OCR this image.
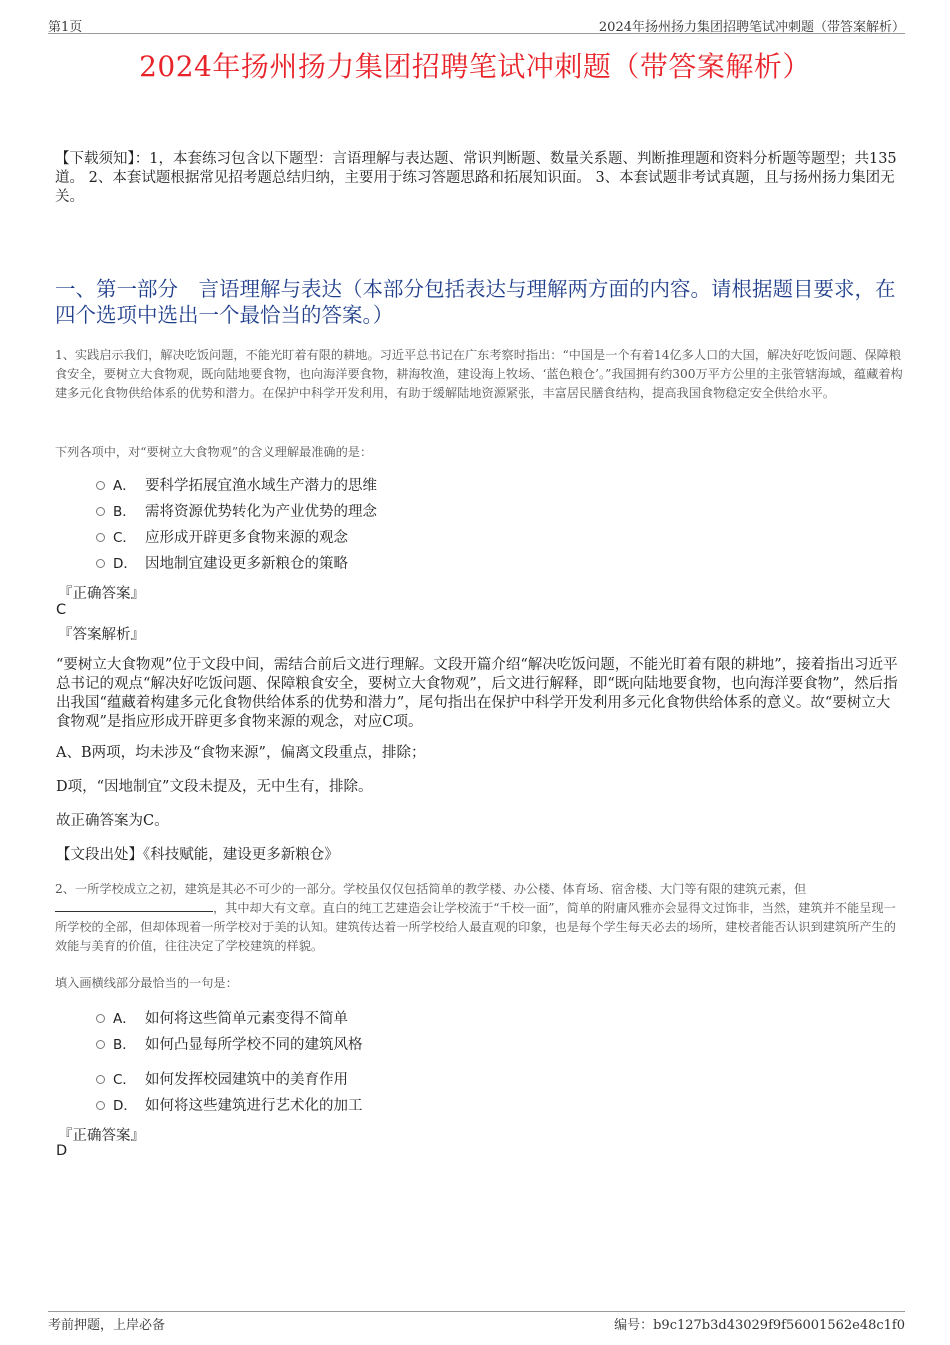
第1页	2024年扬州扬力集团招聘笔试冲刺题（带答案解析）
2024年扬州扬力集团招聘笔试冲刺题（带答案解析）
【下载须知】：1，本套练习包含以下题型：言语理解与表达题、常识判断题、数量关系题、判断推理题和资料分析题等题型；共135道。 2、本套试题根据常见招考题总结归纳，主要用于练习答题思路和拓展知识面。 3、本套试题非考试真题，且与扬州扬力集团无关。
一、第一部分　言语理解与表达（本部分包括表达与理解两方面的内容。请根据题目要求，在四个选项中选出一个最恰当的答案。）
1、实践启示我们，解决吃饭问题，不能光盯着有限的耕地。习近平总书记在广东考察时指出：“中国是一个有着14亿多人口的大国，解决好吃饭问题、保障粮食安全，要树立大食物观，既向陆地要食物，也向海洋要食物，耕海牧渔，建设海上牧场、‘蓝色粮仓’。”我国拥有约300万平方公里的主张管辖海域，蕴藏着构建多元化食物供给体系的优势和潜力。在保护中科学开发利用，有助于缓解陆地资源紧张，丰富居民膳食结构，提高我国食物稳定安全供给水平。
下列各项中，对“要树立大食物观”的含义理解最准确的是：
A． 要科学拓展宜渔水域生产潜力的思维
B． 需将资源优势转化为产业优势的理念
C． 应形成开辟更多食物来源的观念
D． 因地制宜建设更多新粮仓的策略
『正确答案』
C
『答案解析』
“要树立大食物观”位于文段中间，需结合前后文进行理解。文段开篇介绍“解决吃饭问题，不能光盯着有限的耕地”，接着指出习近平总书记的观点“解决好吃饭问题、保障粮食安全，要树立大食物观”，后文进行解释，即“既向陆地要食物，也向海洋要食物”，然后指出我国“蕴藏着构建多元化食物供给体系的优势和潜力”，尾句指出在保护中科学开发利用多元化食物供给体系的意义。故“要树立大食物观”是指应形成开辟更多食物来源的观念，对应C项。
A、B两项，均未涉及“食物来源”，偏离文段重点，排除；
D项，“因地制宜”文段未提及，无中生有，排除。
故正确答案为C。
【文段出处】《科技赋能，建设更多新粮仓》
2、一所学校成立之初，建筑是其必不可少的一部分。学校虽仅仅包括简单的教学楼、办公楼、体育场、宿舍楼、大门等有限的建筑元素，但
，其中却大有文章。直白的纯工艺建造会让学校流于“千校一面”，简单的附庸风雅亦会显得文过饰非，当然，建筑并不能呈现一所学校的全部，但却体现着一所学校对于美的认知。建筑传达着一所学校给人最直观的印象，也是每个学生每天必去的场所，建校者能否认识到建筑所产生的效能与美育的价值，往往决定了学校建筑的样貌。
填入画横线部分最恰当的一句是：
A． 如何将这些简单元素变得不简单
B． 如何凸显每所学校不同的建筑风格
C． 如何发挥校园建筑中的美育作用
D． 如何将这些建筑进行艺术化的加工
『正确答案』
D
考前押题，上岸必备	编号：b9c127b3d43029f9f56001562e48c1f0
